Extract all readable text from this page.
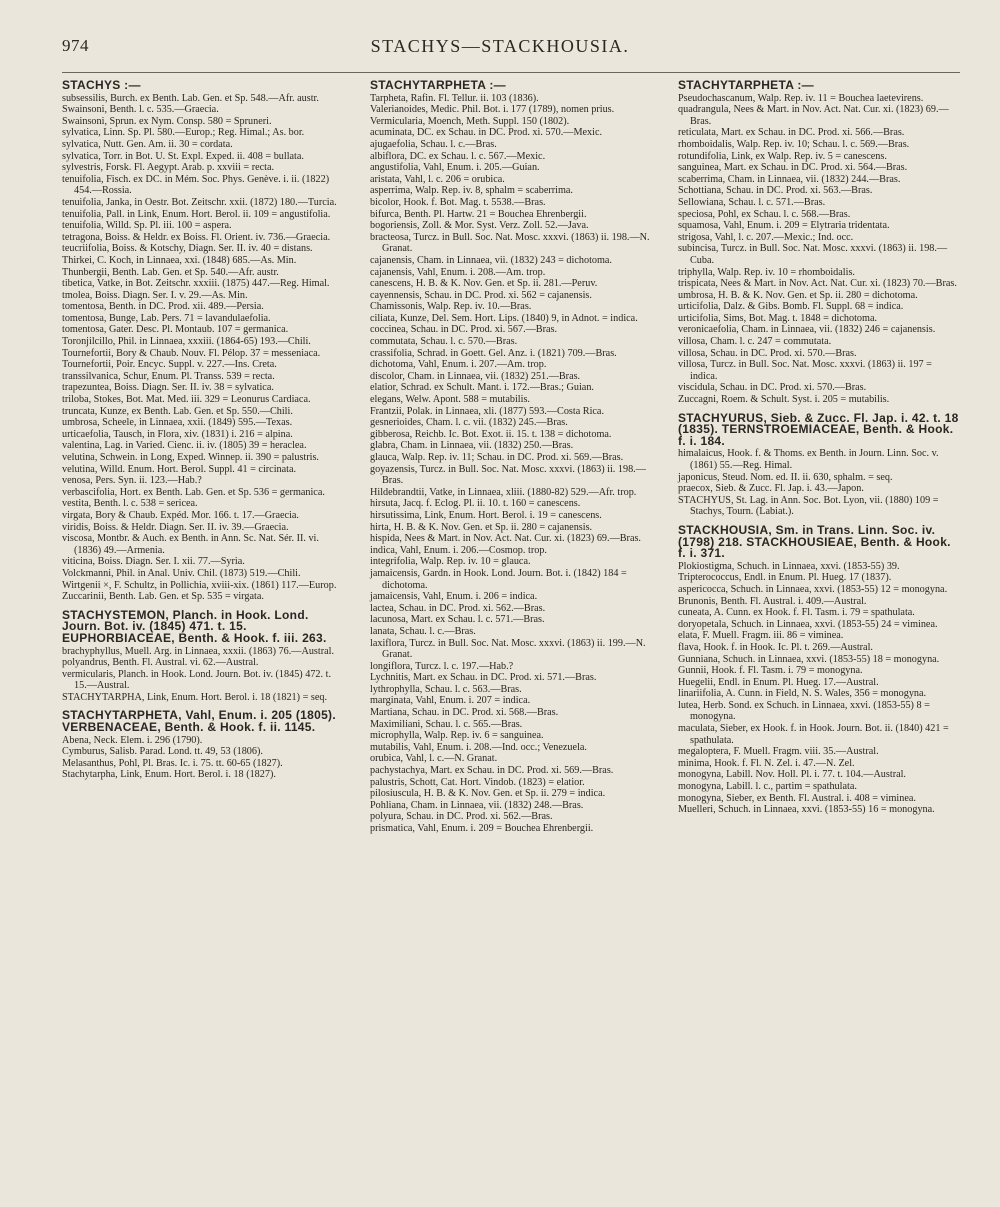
974	STACHYS—STACKHOUSIA.
STACHYS :—
subsessilis, Burch. ex Benth. Lab. Gen. et Sp. 548.—Afr. austr.
Swainsoni, Benth. l. c. 535.—Graecia.
Swainsoni, Sprun. ex Nym. Consp. 580 = Spruneri.
sylvatica, Linn. Sp. Pl. 580.—Europ.; Reg. Himal.; As. bor.
sylvatica, Nutt. Gen. Am. ii. 30 = cordata.
sylvatica, Torr. in Bot. U. St. Expl. Exped. ii. 408 = bullata.
sylvestris, Forsk. Fl. Aegypt. Arab. p. xxviii = recta.
tenuifolia, Fisch. ex DC. in Mém. Soc. Phys. Genève. i. ii. (1822) 454.—Rossia.
tenuifolia, Janka, in Oestr. Bot. Zeitschr. xxii. (1872) 180.—Turcia.
tenuifolia, Pall. in Link, Enum. Hort. Berol. ii. 109 = angustifolia.
tenuifolia, Willd. Sp. Pl. iii. 100 = aspera.
tetragona, Boiss. & Heldr. ex Boiss. Fl. Orient. iv. 736.—Graecia.
teucriifolia, Boiss. & Kotschy, Diagn. Ser. II. iv. 40 = distans.
Thirkei, C. Koch, in Linnaea, xxi. (1848) 685.—As. Min.
Thunbergii, Benth. Lab. Gen. et Sp. 540.—Afr. austr.
tibetica, Vatke, in Bot. Zeitschr. xxxiii. (1875) 447.—Reg. Himal.
tmolea, Boiss. Diagn. Ser. I. v. 29.—As. Min.
tomentosa, Benth. in DC. Prod. xii. 489.—Persia.
tomentosa, Bunge, Lab. Pers. 71 = lavandulaefolia.
tomentosa, Gater. Desc. Pl. Montaub. 107 = germanica.
Toronjilcillo, Phil. in Linnaea, xxxiii. (1864-65) 193.—Chili.
Tournefortii, Bory & Chaub. Nouv. Fl. Pélop. 37 = messeniaca.
Tournefortii, Poir. Encyc. Suppl. v. 227.—Ins. Creta.
transsilvanica, Schur, Enum. Pl. Transs. 539 = recta.
trapezuntea, Boiss. Diagn. Ser. II. iv. 38 = sylvatica.
triloba, Stokes, Bot. Mat. Med. iii. 329 = Leonurus Cardiaca.
truncata, Kunze, ex Benth. Lab. Gen. et Sp. 550.—Chili.
umbrosa, Scheele, in Linnaea, xxii. (1849) 595.—Texas.
urticaefolia, Tausch, in Flora, xiv. (1831) i. 216 = alpina.
valentina, Lag. in Varied. Cienc. ii. iv. (1805) 39 = heraclea.
velutina, Schwein. in Long, Exped. Winnep. ii. 390 = palustris.
velutina, Willd. Enum. Hort. Berol. Suppl. 41 = circinata.
venosa, Pers. Syn. ii. 123.—Hab.?
verbascifolia, Hort. ex Benth. Lab. Gen. et Sp. 536 = germanica.
vestita, Benth. l. c. 538 = sericea.
virgata, Bory & Chaub. Expéd. Mor. 166. t. 17.—Graecia.
viridis, Boiss. & Heldr. Diagn. Ser. II. iv. 39.—Graecia.
viscosa, Montbr. & Auch. ex Benth. in Ann. Sc. Nat. Sér. II. vi. (1836) 49.—Armenia.
viticina, Boiss. Diagn. Ser. I. xii. 77.—Syria.
Volckmanni, Phil. in Anal. Univ. Chil. (1873) 519.—Chili.
Wirtgenii ×, F. Schultz, in Pollichia, xviii-xix. (1861) 117.—Europ.
Zuccarinii, Benth. Lab. Gen. et Sp. 535 = virgata.
STACHYSTEMON, Planch. in Hook. Lond. Journ. Bot. iv. (1845) 471. t. 15. EUPHORBIACEAE, Benth. & Hook. f. iii. 263.
brachyphyllus, Muell. Arg. in Linnaea, xxxii. (1863) 76.—Austral.
polyandrus, Benth. Fl. Austral. vi. 62.—Austral.
vermicularis, Planch. in Hook. Lond. Journ. Bot. iv. (1845) 472. t. 15.—Austral.
STACHYTARPHA, Link, Enum. Hort. Berol. i. 18 (1821) = seq.
STACHYTARPHETA, Vahl, Enum. i. 205 (1805). VERBENACEAE, Benth. & Hook. f. ii. 1145.
Abena, Neck. Elem. i. 296 (1790).
Cymburus, Salisb. Parad. Lond. tt. 49, 53 (1806).
Melasanthus, Pohl, Pl. Bras. Ic. i. 75. tt. 60-65 (1827).
Stachytarpha, Link, Enum. Hort. Berol. i. 18 (1827).
STACHYTARPHETA :—
Tarpheta, Rafin. Fl. Tellur. ii. 103 (1836).
Valerianoides, Medic. Phil. Bot. i. 177 (1789), nomen prius.
Vermicularia, Moench, Meth. Suppl. 150 (1802).
acuminata, DC. ex Schau. in DC. Prod. xi. 570.—Mexic.
ajugaefolia, Schau. l. c.—Bras.
albiflora, DC. ex Schau. l. c. 567.—Mexic.
angustifolia, Vahl, Enum. i. 205.—Guian.
aristata, Vahl, l. c. 206 = orubica.
asperrima, Walp. Rep. iv. 8, sphalm = scaberrima.
bicolor, Hook. f. Bot. Mag. t. 5538.—Bras.
bifurca, Benth. Pl. Hartw. 21 = Bouchea Ehrenbergii.
bogoriensis, Zoll. & Mor. Syst. Verz. Zoll. 52.—Java.
bracteosa, Turcz. in Bull. Soc. Nat. Mosc. xxxvi. (1863) ii. 198.—N. Granat.
cajanensis, Cham. in Linnaea, vii. (1832) 243 = dichotoma.
cajanensis, Vahl, Enum. i. 208.—Am. trop.
canescens, H. B. & K. Nov. Gen. et Sp. ii. 281.—Peruv.
cayennensis, Schau. in DC. Prod. xi. 562 = cajanensis.
Chamissonis, Walp. Rep. iv. 10.—Bras.
ciliata, Kunze, Del. Sem. Hort. Lips. (1840) 9, in Adnot. = indica.
coccinea, Schau. in DC. Prod. xi. 567.—Bras.
commutata, Schau. l. c. 570.—Bras.
crassifolia, Schrad. in Goett. Gel. Anz. i. (1821) 709.—Bras.
dichotoma, Vahl, Enum. i. 207.—Am. trop.
discolor, Cham. in Linnaea, vii. (1832) 251.—Bras.
elatior, Schrad. ex Schult. Mant. i. 172.—Bras.; Guian.
elegans, Welw. Apont. 588 = mutabilis.
Frantzii, Polak. in Linnaea, xli. (1877) 593.—Costa Rica.
gesnerioides, Cham. l. c. vii. (1832) 245.—Bras.
gibberosa, Reichb. Ic. Bot. Exot. ii. 15. t. 138 = dichotoma.
glabra, Cham. in Linnaea, vii. (1832) 250.—Bras.
glauca, Walp. Rep. iv. 11; Schau. in DC. Prod. xi. 569.—Bras.
goyazensis, Turcz. in Bull. Soc. Nat. Mosc. xxxvi. (1863) ii. 198.—Bras.
Hildebrandtii, Vatke, in Linnaea, xliii. (1880-82) 529.—Afr. trop.
hirsuta, Jacq. f. Eclog. Pl. ii. 10. t. 160 = canescens.
hirsutissima, Link, Enum. Hort. Berol. i. 19 = canescens.
hirta, H. B. & K. Nov. Gen. et Sp. ii. 280 = cajanensis.
hispida, Nees & Mart. in Nov. Act. Nat. Cur. xi. (1823) 69.—Bras.
indica, Vahl, Enum. i. 206.—Cosmop. trop.
integrifolia, Walp. Rep. iv. 10 = glauca.
jamaicensis, Gardn. in Hook. Lond. Journ. Bot. i. (1842) 184 = dichotoma.
jamaicensis, Vahl, Enum. i. 206 = indica.
lactea, Schau. in DC. Prod. xi. 562.—Bras.
lacunosa, Mart. ex Schau. l. c. 571.—Bras.
lanata, Schau. l. c.—Bras.
laxiflora, Turcz. in Bull. Soc. Nat. Mosc. xxxvi. (1863) ii. 199.—N. Granat.
longiflora, Turcz. l. c. 197.—Hab.?
Lychnitis, Mart. ex Schau. in DC. Prod. xi. 571.—Bras.
lythrophylla, Schau. l. c. 563.—Bras.
marginata, Vahl, Enum. i. 207 = indica.
Martiana, Schau. in DC. Prod. xi. 568.—Bras.
Maximiliani, Schau. l. c. 565.—Bras.
microphylla, Walp. Rep. iv. 6 = sanguinea.
mutabilis, Vahl, Enum. i. 208.—Ind. occ.; Venezuela.
orubica, Vahl, l. c.—N. Granat.
pachystachya, Mart. ex Schau. in DC. Prod. xi. 569.—Bras.
palustris, Schott, Cat. Hort. Vindob. (1823) = elatior.
pilosiuscula, H. B. & K. Nov. Gen. et Sp. ii. 279 = indica.
Pohliana, Cham. in Linnaea, vii. (1832) 248.—Bras.
polyura, Schau. in DC. Prod. xi. 562.—Bras.
prismatica, Vahl, Enum. i. 209 = Bouchea Ehrenbergii.
STACHYTARPHETA :—
Pseudochascanum, Walp. Rep. iv. 11 = Bouchea laetevirens.
quadrangula, Nees & Mart. in Nov. Act. Nat. Cur. xi. (1823) 69.—Bras.
reticulata, Mart. ex Schau. in DC. Prod. xi. 566.—Bras.
rhomboidalis, Walp. Rep. iv. 10; Schau. l. c. 569.—Bras.
rotundifolia, Link, ex Walp. Rep. iv. 5 = canescens.
sanguinea, Mart. ex Schau. in DC. Prod. xi. 564.—Bras.
scaberrima, Cham. in Linnaea, vii. (1832) 244.—Bras.
Schottiana, Schau. in DC. Prod. xi. 563.—Bras.
Sellowiana, Schau. l. c. 571.—Bras.
speciosa, Pohl, ex Schau. l. c. 568.—Bras.
squamosa, Vahl, Enum. i. 209 = Elytraria tridentata.
strigosa, Vahl, l. c. 207.—Mexic.; Ind. occ.
subincisa, Turcz. in Bull. Soc. Nat. Mosc. xxxvi. (1863) ii. 198.—Cuba.
triphylla, Walp. Rep. iv. 10 = rhomboidalis.
trispicata, Nees & Mart. in Nov. Act. Nat. Cur. xi. (1823) 70.—Bras.
umbrosa, H. B. & K. Nov. Gen. et Sp. ii. 280 = dichotoma.
urticifolia, Dalz. & Gibs. Bomb. Fl. Suppl. 68 = indica.
urticifolia, Sims, Bot. Mag. t. 1848 = dichotoma.
veronicaefolia, Cham. in Linnaea, vii. (1832) 246 = cajanensis.
villosa, Cham. l. c. 247 = commutata.
villosa, Schau. in DC. Prod. xi. 570.—Bras.
villosa, Turcz. in Bull. Soc. Nat. Mosc. xxxvi. (1863) ii. 197 = indica.
viscidula, Schau. in DC. Prod. xi. 570.—Bras.
Zuccagni, Roem. & Schult. Syst. i. 205 = mutabilis.
STACHYURUS, Sieb. & Zucc. Fl. Jap. i. 42. t. 18 (1835). TERNSTROEMIACEAE, Benth. & Hook. f. i. 184.
himalaicus, Hook. f. & Thoms. ex Benth. in Journ. Linn. Soc. v. (1861) 55.—Reg. Himal.
japonicus, Steud. Nom. ed. II. ii. 630, sphalm. = seq.
praecox, Sieb. & Zucc. Fl. Jap. i. 43.—Japon.
STACHYUS, St. Lag. in Ann. Soc. Bot. Lyon, vii. (1880) 109 = Stachys, Tourn. (Labiat.).
STACKHOUSIA, Sm. in Trans. Linn. Soc. iv. (1798) 218. STACKHOUSIEAE, Benth. & Hook. f. i. 371.
Plokiostigma, Schuch. in Linnaea, xxvi. (1853-55) 39.
Tripterococcus, Endl. in Enum. Pl. Hueg. 17 (1837).
aspericocca, Schuch. in Linnaea, xxvi. (1853-55) 12 = monogyna.
Brunonis, Benth. Fl. Austral. i. 409.—Austral.
cuneata, A. Cunn. ex Hook. f. Fl. Tasm. i. 79 = spathulata.
doryopetala, Schuch. in Linnaea, xxvi. (1853-55) 24 = viminea.
elata, F. Muell. Fragm. iii. 86 = viminea.
flava, Hook. f. in Hook. Ic. Pl. t. 269.—Austral.
Gunniana, Schuch. in Linnaea, xxvi. (1853-55) 18 = monogyna.
Gunnii, Hook. f. Fl. Tasm. i. 79 = monogyna.
Huegelii, Endl. in Enum. Pl. Hueg. 17.—Austral.
linariifolia, A. Cunn. in Field, N. S. Wales, 356 = monogyna.
lutea, Herb. Sond. ex Schuch. in Linnaea, xxvi. (1853-55) 8 = monogyna.
maculata, Sieber, ex Hook. f. in Hook. Journ. Bot. ii. (1840) 421 = spathulata.
megaloptera, F. Muell. Fragm. viii. 35.—Austral.
minima, Hook. f. Fl. N. Zel. i. 47.—N. Zel.
monogyna, Labill. Nov. Holl. Pl. i. 77. t. 104.—Austral.
monogyna, Labill. l. c., partim = spathulata.
monogyna, Sieber, ex Benth. Fl. Austral. i. 408 = viminea.
Muelleri, Schuch. in Linnaea, xxvi. (1853-55) 16 = monogyna.
